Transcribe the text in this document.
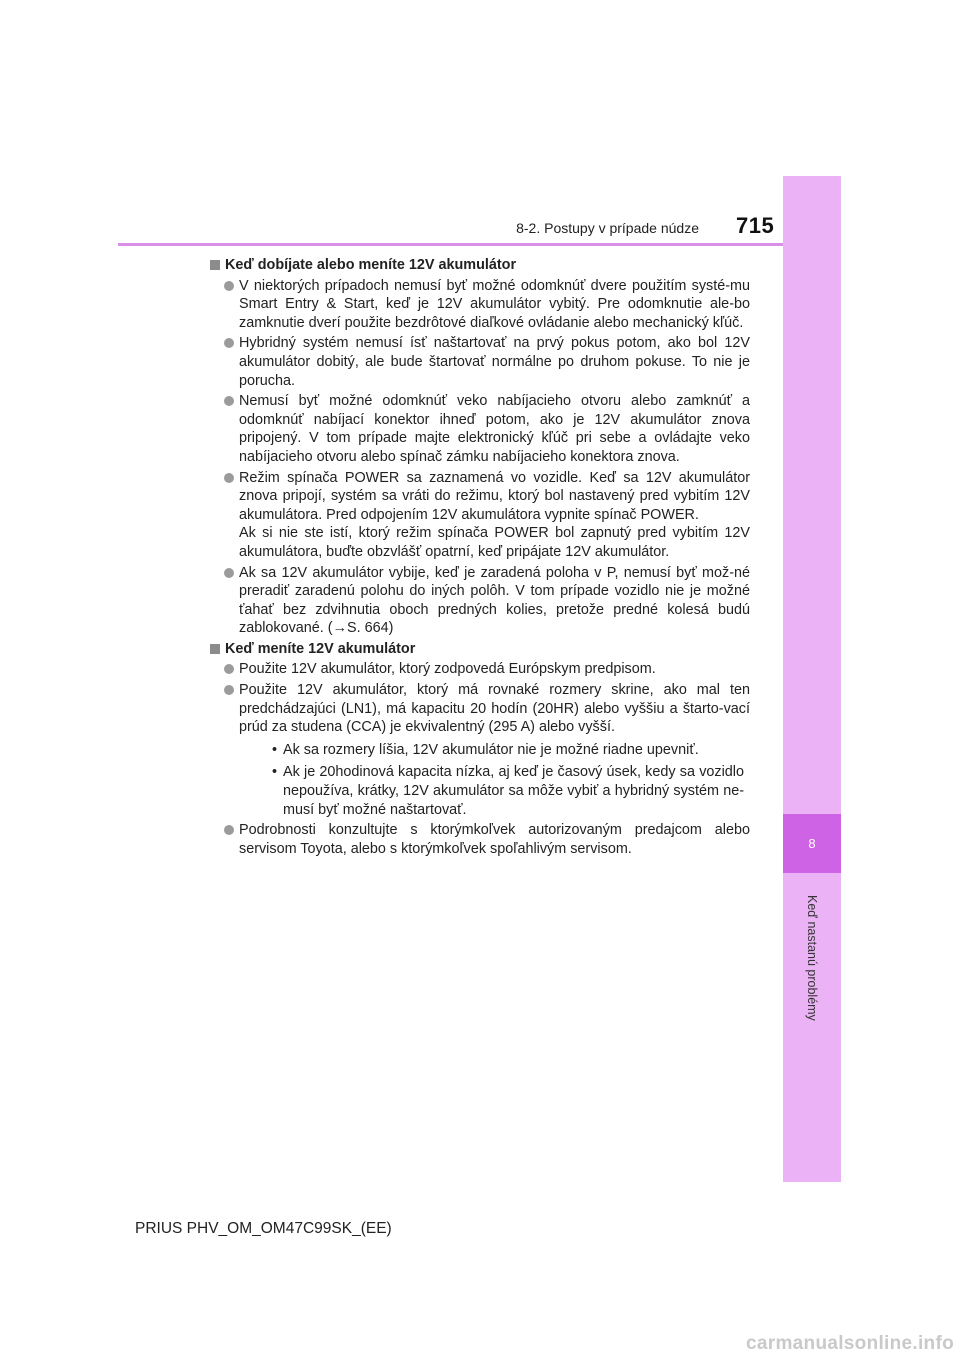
8
Keď nastanú problémy
8-2. Postupy v prípade núdze 715
Keď dobíjate alebo meníte 12V akumulátor

V niektorých prípadoch nemusí byť možné odomknúť dvere použitím systé-mu Smart Entry & Start, keď je 12V akumulátor vybitý. Pre odomknutie ale-bo zamknutie dverí použite bezdrôtové diaľkové ovládanie alebo mechanický kľúč.

Hybridný systém nemusí ísť naštartovať na prvý pokus potom, ako bol 12V akumulátor dobitý, ale bude štartovať normálne po druhom pokuse. To nie je porucha.

Nemusí byť možné odomknúť veko nabíjacieho otvoru alebo zamknúť a odomknúť nabíjací konektor ihneď potom, ako je 12V akumulátor znova pripojený. V tom prípade majte elektronický kľúč pri sebe a ovládajte veko nabíjacieho otvoru alebo spínač zámku nabíjacieho konektora znova.

Režim spínača POWER sa zaznamená vo vozidle. Keď sa 12V akumulátor znova pripojí, systém sa vráti do režimu, ktorý bol nastavený pred vybitím 12V akumulátora. Pred odpojením 12V akumulátora vypnite spínač POWER.

Ak si nie ste istí, ktorý režim spínača POWER bol zapnutý pred vybitím 12V akumulátora, buďte obzvlášť opatrní, keď pripájate 12V akumulátor.

Ak sa 12V akumulátor vybije, keď je zaradená poloha v P, nemusí byť mož-né preradiť zaradenú polohu do iných polôh. V tom prípade vozidlo nie je možné ťahať bez zdvihnutia oboch predných kolies, pretože predné kolesá budú zablokované. (→S. 664)

Keď meníte 12V akumulátor

Použite 12V akumulátor, ktorý zodpovedá Európskym predpisom.

Použite 12V akumulátor, ktorý má rovnaké rozmery skrine, ako mal ten predchádzajúci (LN1), má kapacitu 20 hodín (20HR) alebo vyššiu a štarto-vací prúd za studena (CCA) je ekvivalentný (295 A) alebo vyšší.

• Ak sa rozmery líšia, 12V akumulátor nie je možné riadne upevniť.
• Ak je 20hodinová kapacita nízka, aj keď je časový úsek, kedy sa vozidlo nepoužíva, krátky, 12V akumulátor sa môže vybiť a hybridný systém ne-musí byť možné naštartovať.

Podrobnosti konzultujte s ktorýmkoľvek autorizovaným predajcom alebo servisom Toyota, alebo s ktorýmkoľvek spoľahlivým servisom.

PRIUS PHV_OM_OM47C99SK_(EE)
carmanualsonline.info
